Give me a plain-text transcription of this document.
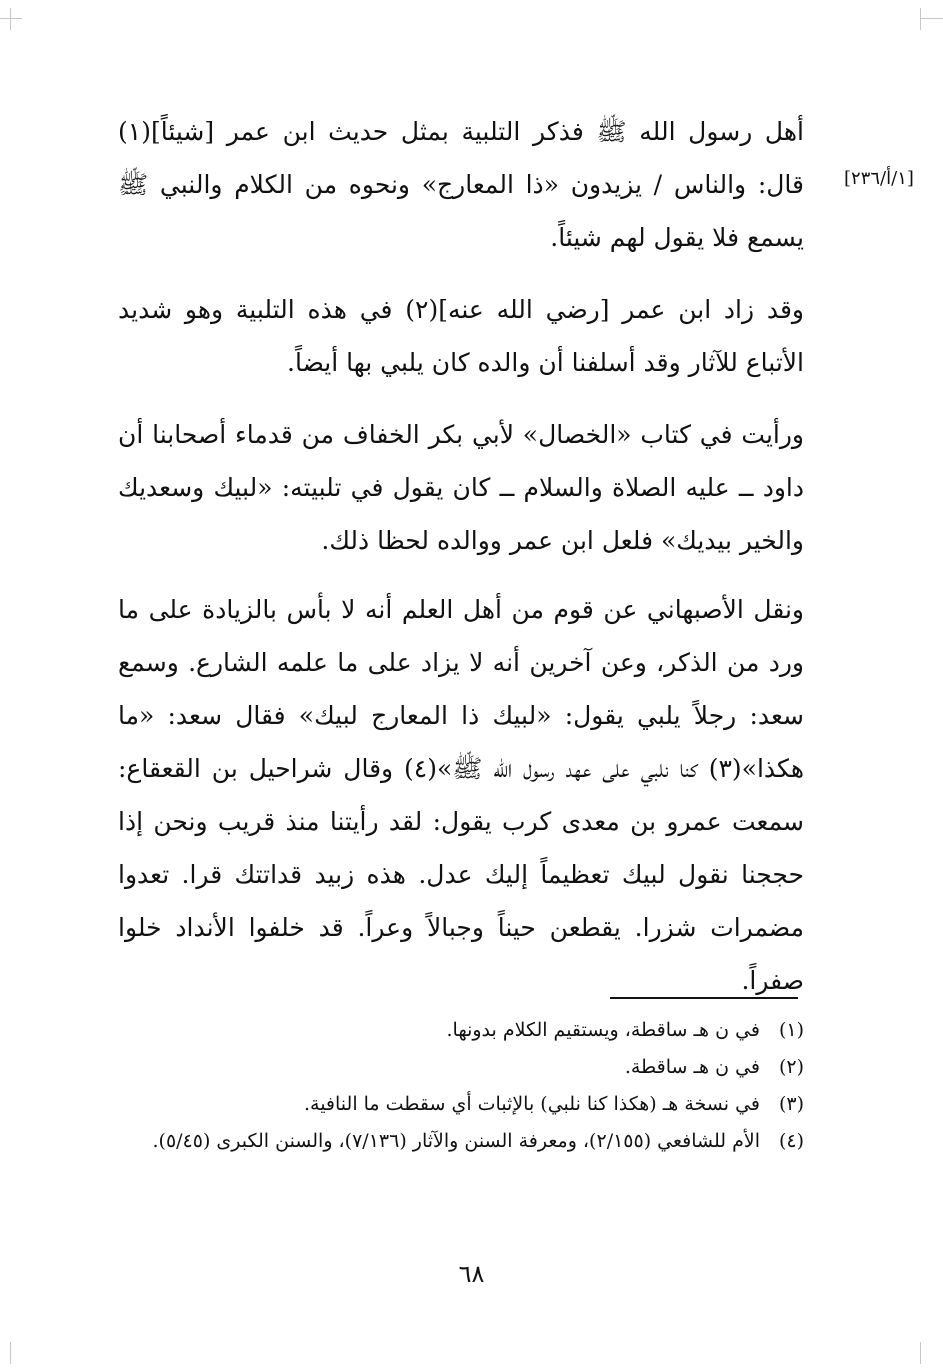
[١/أ/٢٣٦]

أهل رسول الله ﷺ فذكر التلبية بمثل حديث ابن عمر [شيئاً](١) قال: والناس / يزيدون «ذا المعارج» ونحوه من الكلام والنبي ﷺ يسمع فلا يقول لهم شيئاً.

وقد زاد ابن عمر [رضي الله عنه](٢) في هذه التلبية وهو شديد الأتباع للآثار وقد أسلفنا أن والده كان يلبي بها أيضاً.

ورأيت في كتاب «الخصال» لأبي بكر الخفاف من قدماء أصحابنا أن داود ــ عليه الصلاة والسلام ــ كان يقول في تلبيته: «لبيك وسعديك والخير بيديك» فلعل ابن عمر ووالده لحظا ذلك.

ونقل الأصبهاني عن قوم من أهل العلم أنه لا بأس بالزيادة على ما ورد من الذكر، وعن آخرين أنه لا يزاد على ما علمه الشارع. وسمع سعد: رجلاً يلبي يقول: «لبيك ذا المعارج لبيك» فقال سعد: «ما هكذا»(٣) كنا نلبي على عهد رسول الله ﷺ»(٤) وقال شراحيل بن القعقاع: سمعت عمرو بن معدى كرب يقول: لقد رأيتنا منذ قريب ونحن إذا حججنا نقول لبيك تعظيماً إليك عدل. هذه زبيد قداتتك قرا. تعدوا مضمرات شزرا. يقطعن حيناً وجبالاً وعراً. قد خلفوا الأنداد خلوا صفراً.

(١)
في ن هـ ساقطة، ويستقيم الكلام بدونها.
(٢)
في ن هـ ساقطة.
(٣)
في نسخة هـ (هكذا كنا نلبي) بالإثبات أي سقطت ما النافية.
(٤)
الأم للشافعي (٢/١٥٥)، ومعرفة السنن والآثار (٧/١٣٦)، والسنن الكبرى (٥/٤٥).
٦٨
